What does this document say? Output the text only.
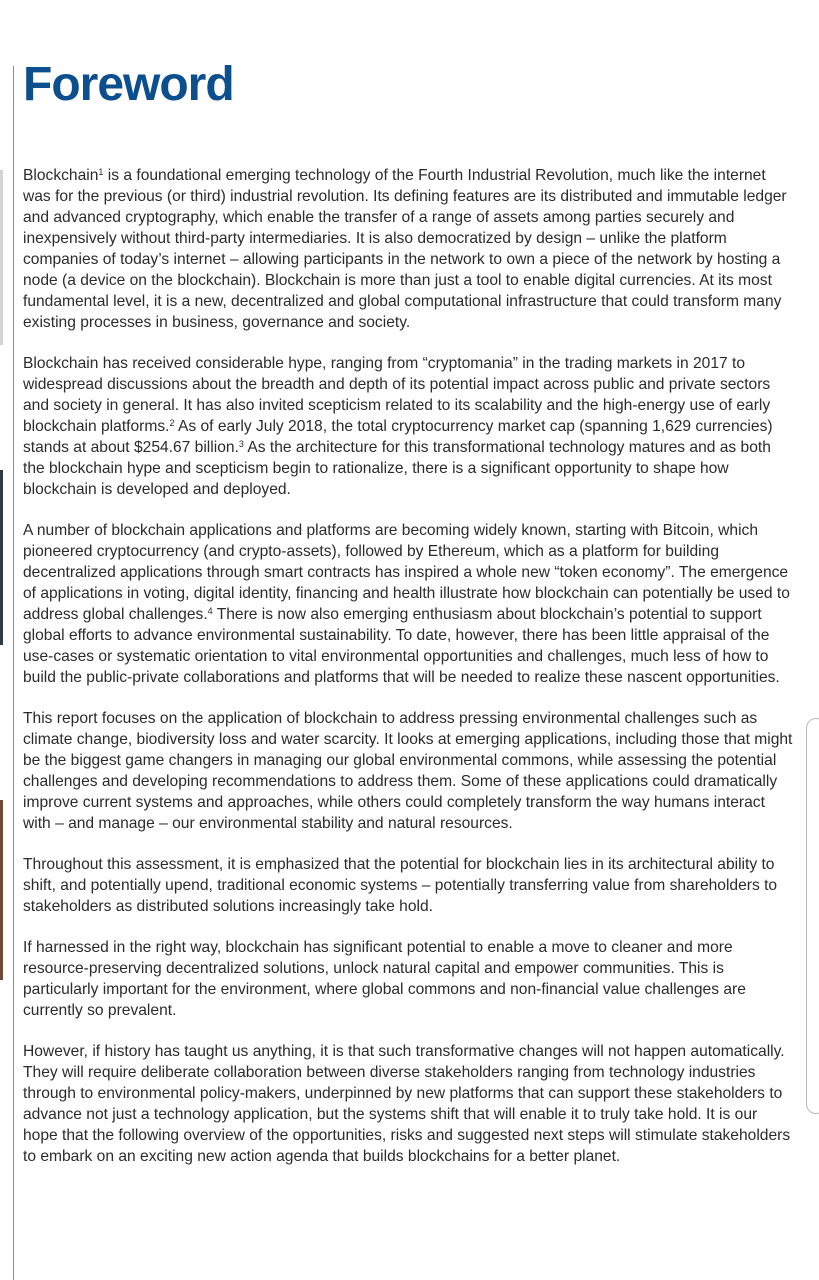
Foreword

Blockchain$^1$ is a foundational emerging technology of the Fourth Industrial Revolution, much like the internet was for the previous (or third) industrial revolution. Its defining features are its distributed and immutable ledger and advanced cryptography, which enable the transfer of a range of assets among parties securely and inexpensively without third-party intermediaries. It is also democratized by design – unlike the platform companies of today’s internet – allowing participants in the network to own a piece of the network by hosting a node (a device on the blockchain). Blockchain is more than just a tool to enable digital currencies. At its most fundamental level, it is a new, decentralized and global computational infrastructure that could transform many existing processes in business, governance and society.

Blockchain has received considerable hype, ranging from “cryptomania” in the trading markets in 2017 to widespread discussions about the breadth and depth of its potential impact across public and private sectors and society in general. It has also invited scepticism related to its scalability and the high-energy use of early blockchain platforms.$^2$ As of early July 2018, the total cryptocurrency market cap (spanning 1,629 currencies) stands at about $254.67 billion.$^3$ As the architecture for this transformational technology matures and as both the blockchain hype and scepticism begin to rationalize, there is a significant opportunity to shape how blockchain is developed and deployed.

A number of blockchain applications and platforms are becoming widely known, starting with Bitcoin, which pioneered cryptocurrency (and crypto-assets), followed by Ethereum, which as a platform for building decentralized applications through smart contracts has inspired a whole new “token economy”. The emergence of applications in voting, digital identity, financing and health illustrate how blockchain can potentially be used to address global challenges.$^4$ There is now also emerging enthusiasm about blockchain’s potential to support global efforts to advance environmental sustainability. To date, however, there has been little appraisal of the use-cases or systematic orientation to vital environmental opportunities and challenges, much less of how to build the public-private collaborations and platforms that will be needed to realize these nascent opportunities.

This report focuses on the application of blockchain to address pressing environmental challenges such as climate change, biodiversity loss and water scarcity. It looks at emerging applications, including those that might be the biggest game changers in managing our global environmental commons, while assessing the potential challenges and developing recommendations to address them. Some of these applications could dramatically improve current systems and approaches, while others could completely transform the way humans interact with – and manage – our environmental stability and natural resources.

Throughout this assessment, it is emphasized that the potential for blockchain lies in its architectural ability to shift, and potentially upend, traditional economic systems – potentially transferring value from shareholders to stakeholders as distributed solutions increasingly take hold.

If harnessed in the right way, blockchain has significant potential to enable a move to cleaner and more resource-preserving decentralized solutions, unlock natural capital and empower communities. This is particularly important for the environment, where global commons and non-financial value challenges are currently so prevalent.

However, if history has taught us anything, it is that such transformative changes will not happen automatically. They will require deliberate collaboration between diverse stakeholders ranging from technology industries through to environmental policy-makers, underpinned by new platforms that can support these stakeholders to advance not just a technology application, but the systems shift that will enable it to truly take hold. It is our hope that the following overview of the opportunities, risks and suggested next steps will stimulate stakeholders to embark on an exciting new action agenda that builds blockchains for a better planet.
